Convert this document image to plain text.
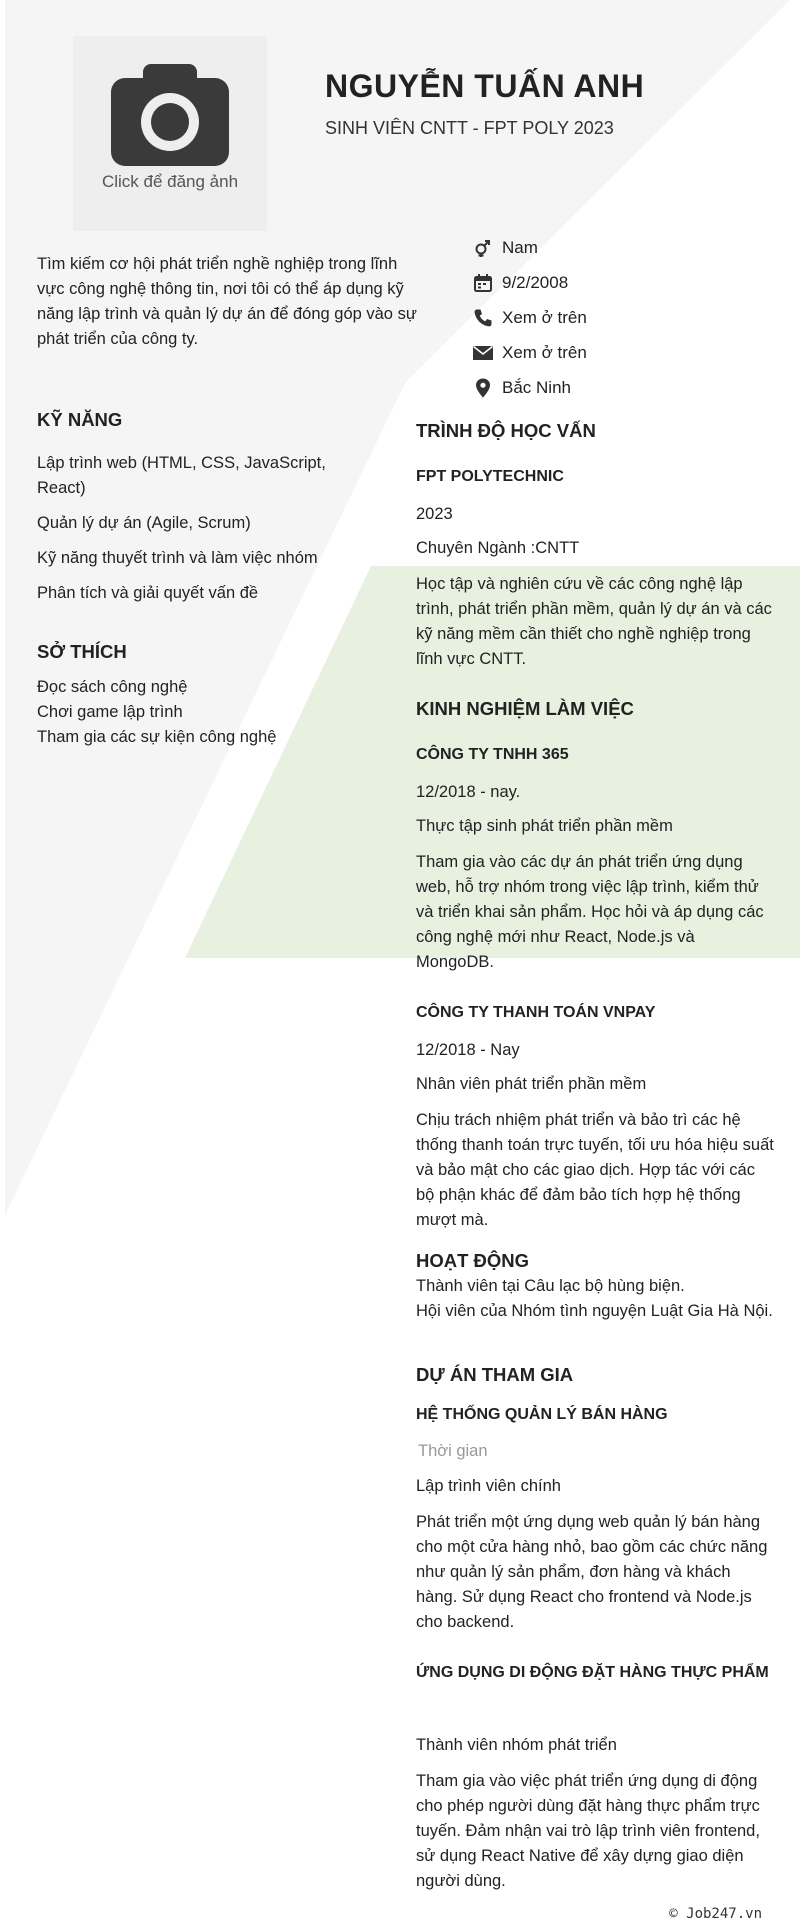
Click để đăng ảnh
NGUYỄN TUẤN ANH
SINH VIÊN CNTT - FPT POLY 2023
Tìm kiếm cơ hội phát triển nghề nghiệp trong lĩnh vực công nghệ thông tin, nơi tôi có thể áp dụng kỹ năng lập trình và quản lý dự án để đóng góp vào sự phát triển của công ty.
Nam
9/2/2008
Xem ở trên
Xem ở trên
Bắc Ninh
KỸ NĂNG
Lập trình web (HTML, CSS, JavaScript, React)
Quản lý dự án (Agile, Scrum)
Kỹ năng thuyết trình và làm việc nhóm
Phân tích và giải quyết vấn đề
SỞ THÍCH
Đọc sách công nghệ
Chơi game lập trình
Tham gia các sự kiện công nghệ
TRÌNH ĐỘ HỌC VẤN
FPT POLYTECHNIC
2023
Chuyên Ngành :CNTT
Học tập và nghiên cứu về các công nghệ lập trình, phát triển phần mềm, quản lý dự án và các kỹ năng mềm cần thiết cho nghề nghiệp trong lĩnh vực CNTT.
KINH NGHIỆM LÀM VIỆC
CÔNG TY TNHH 365
12/2018 - nay.
Thực tập sinh phát triển phần mềm
Tham gia vào các dự án phát triển ứng dụng web, hỗ trợ nhóm trong việc lập trình, kiểm thử và triển khai sản phẩm. Học hỏi và áp dụng các công nghệ mới như React, Node.js và MongoDB.
CÔNG TY THANH TOÁN VNPAY
12/2018 - Nay
Nhân viên phát triển phần mềm
Chịu trách nhiệm phát triển và bảo trì các hệ thống thanh toán trực tuyến, tối ưu hóa hiệu suất và bảo mật cho các giao dịch. Hợp tác với các bộ phận khác để đảm bảo tích hợp hệ thống mượt mà.
HOẠT ĐỘNG
Thành viên tại Câu lạc bộ hùng biện.
Hội viên của Nhóm tình nguyện Luật Gia Hà Nội.
DỰ ÁN THAM GIA
HỆ THỐNG QUẢN LÝ BÁN HÀNG
Thời gian
Lập trình viên chính
Phát triển một ứng dụng web quản lý bán hàng cho một cửa hàng nhỏ, bao gồm các chức năng như quản lý sản phẩm, đơn hàng và khách hàng. Sử dụng React cho frontend và Node.js cho backend.
ỨNG DỤNG DI ĐỘNG ĐẶT HÀNG THỰC PHẨM
Thành viên nhóm phát triển
Tham gia vào việc phát triển ứng dụng di động cho phép người dùng đặt hàng thực phẩm trực tuyến. Đảm nhận vai trò lập trình viên frontend, sử dụng React Native để xây dựng giao diện người dùng.
© Job247.vn
